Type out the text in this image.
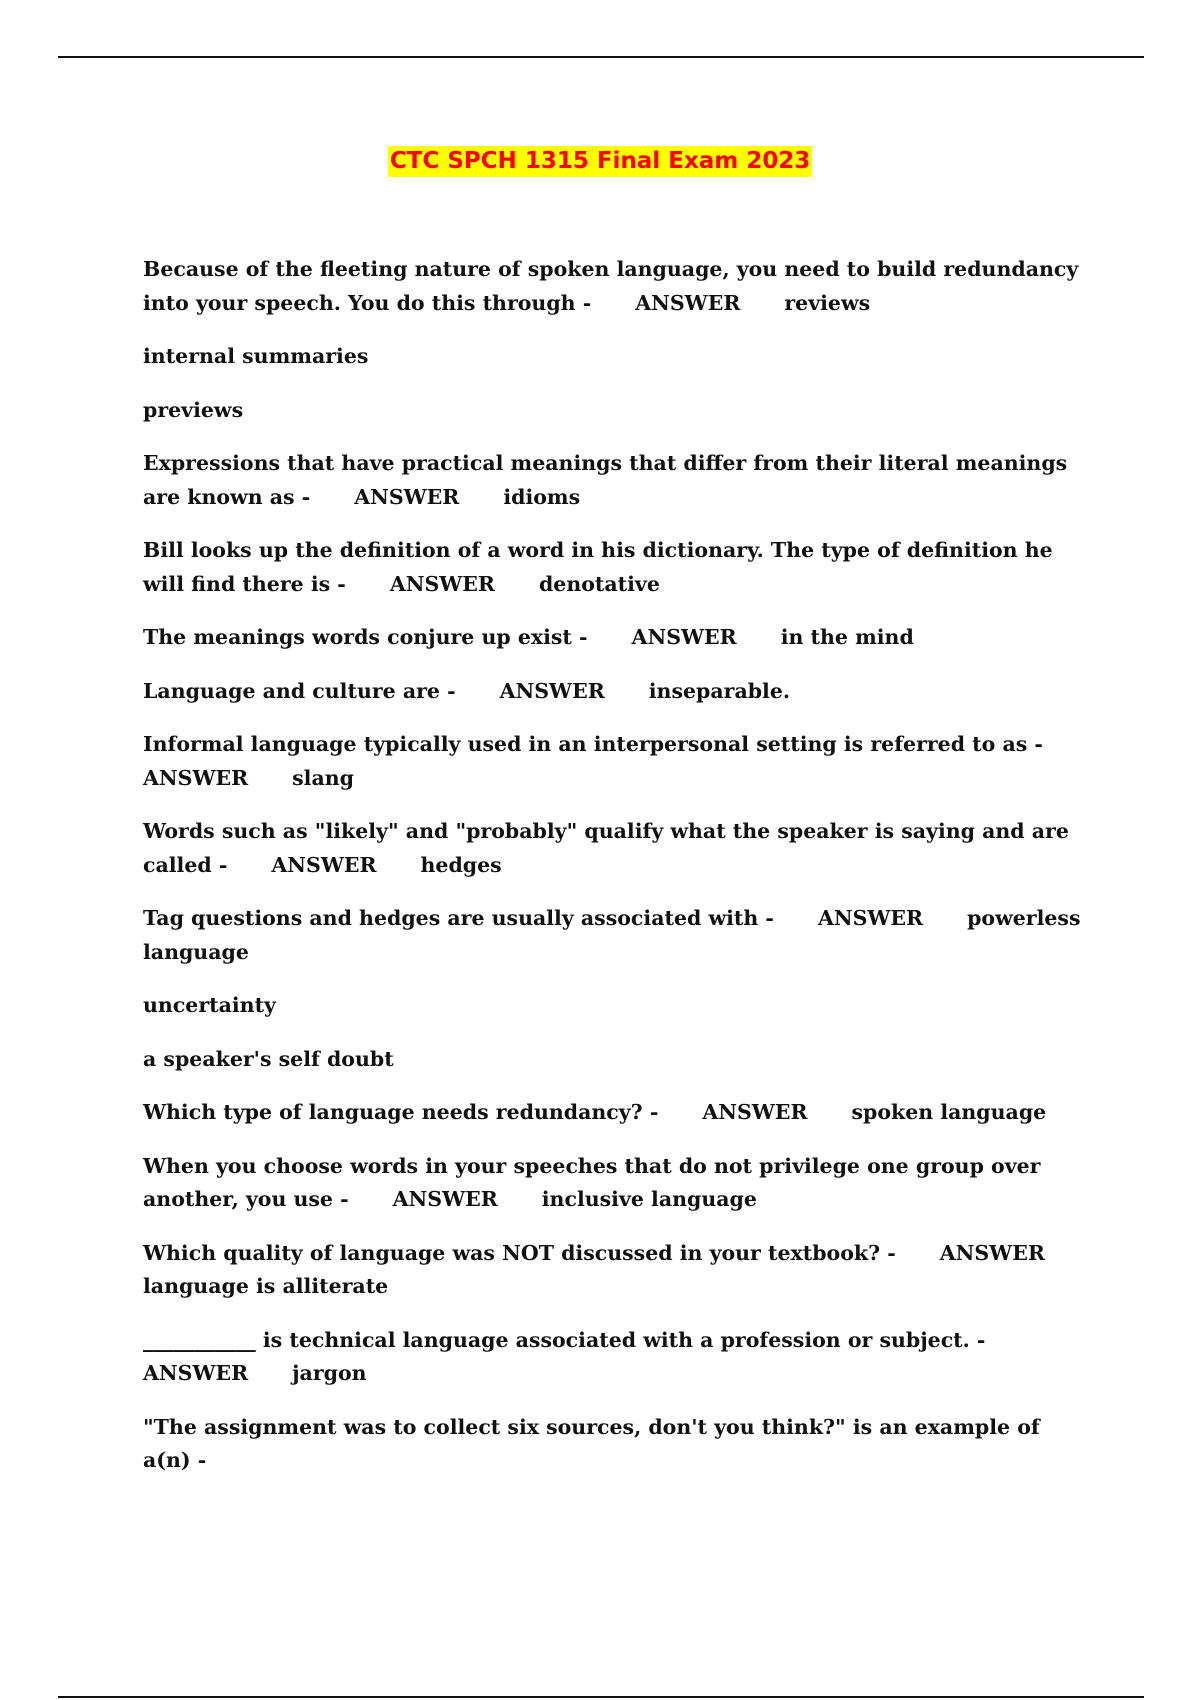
CTC SPCH 1315 Final Exam 2023
Because of the fleeting nature of spoken language, you need to build redundancy into your speech. You do this through - ANSWER reviews
internal summaries
previews
Expressions that have practical meanings that differ from their literal meanings are known as - ANSWER idioms
Bill looks up the definition of a word in his dictionary. The type of definition he will find there is - ANSWER denotative
The meanings words conjure up exist - ANSWER in the mind
Language and culture are - ANSWER inseparable.
Informal language typically used in an interpersonal setting is referred to as -ANSWER slang
Words such as "likely" and "probably" qualify what the speaker is saying and are called - ANSWER hedges
Tag questions and hedges are usually associated with - ANSWER powerless language
uncertainty
a speaker's self doubt
Which type of language needs redundancy? - ANSWER spoken language
When you choose words in your speeches that do not privilege one group over another, you use - ANSWER inclusive language
Which quality of language was NOT discussed in your textbook? - ANSWERlanguage is alliterate
___________ is technical language associated with a profession or subject. -ANSWER jargon
"The assignment was to collect six sources, don't you think?" is an example of a(n) -
